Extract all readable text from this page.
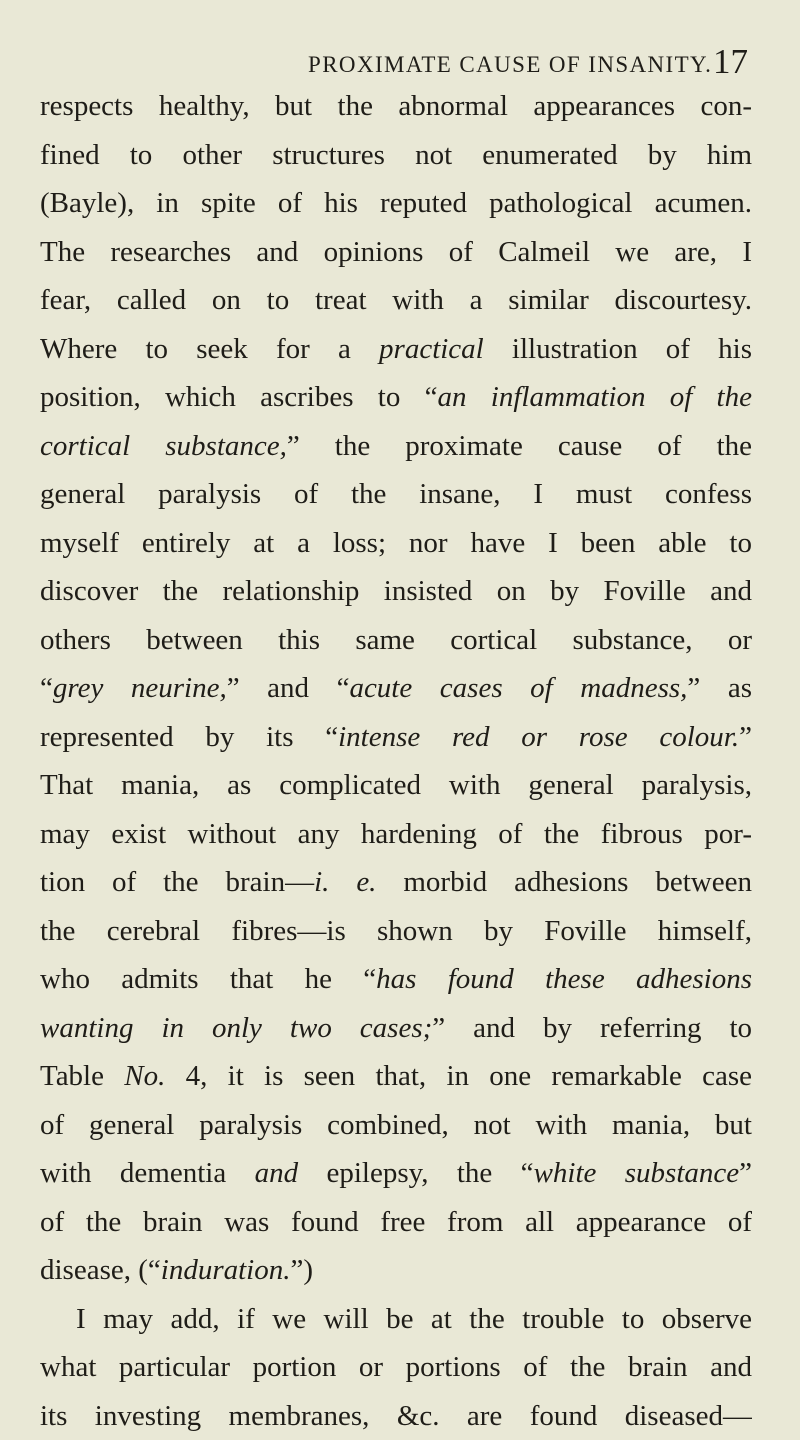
PROXIMATE CAUSE OF INSANITY. 17
respects healthy, but the abnormal appearances con-
fined to other structures not enumerated by him
(Bayle), in spite of his reputed pathological acumen.
The researches and opinions of Calmeil we are, I
fear, called on to treat with a similar discourtesy.
Where to seek for a practical illustration of his
position, which ascribes to “an inflammation of the
cortical substance,” the proximate cause of the
general paralysis of the insane, I must confess
myself entirely at a loss; nor have I been able to
discover the relationship insisted on by Foville and
others between this same cortical substance, or
“grey neurine,” and “acute cases of madness,” as
represented by its “intense red or rose colour.”
That mania, as complicated with general paralysis,
may exist without any hardening of the fibrous por-
tion of the brain—i. e. morbid adhesions between
the cerebral fibres—is shown by Foville himself,
who admits that he “has found these adhesions
wanting in only two cases;” and by referring to
Table No. 4, it is seen that, in one remarkable case
of general paralysis combined, not with mania, but
with dementia and epilepsy, the “white substance”
of the brain was found free from all appearance of
disease, (“induration.”)
I may add, if we will be at the trouble to observe
what particular portion or portions of the brain and
its investing membranes, &c. are found diseased—
